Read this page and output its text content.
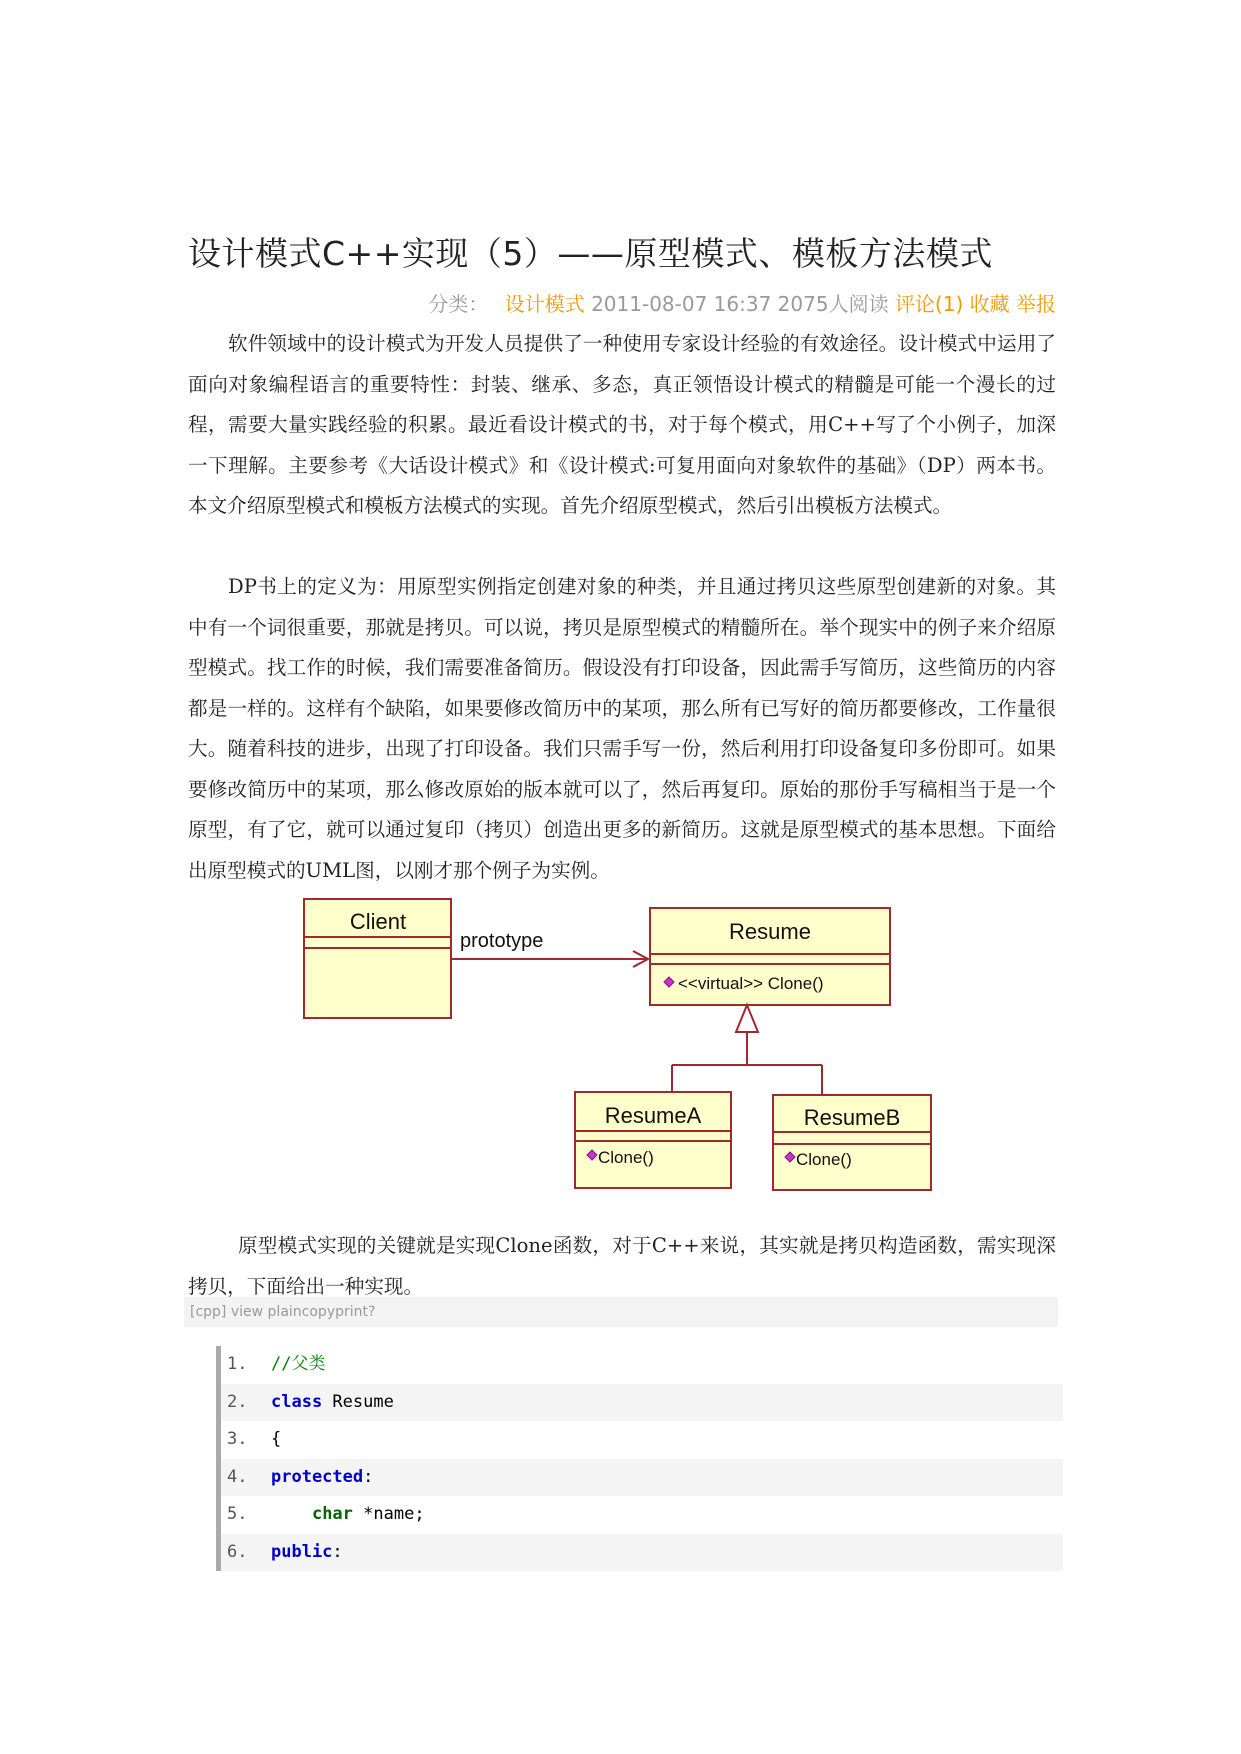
设计模式C++实现（5）——原型模式、模板方法模式
分类： 设计模式 2011-08-07 16:37 2075人阅读 评论(1) 收藏 举报

软件领域中的设计模式为开发人员提供了一种使用专家设计经验的有效途径。设计模式中运用了面向对象编程语言的重要特性：封装、继承、多态，真正领悟设计模式的精髓是可能一个漫长的过程，需要大量实践经验的积累。最近看设计模式的书，对于每个模式，用C++写了个小例子，加深一下理解。主要参考《大话设计模式》和《设计模式:可复用面向对象软件的基础》（DP）两本书。本文介绍原型模式和模板方法模式的实现。首先介绍原型模式，然后引出模板方法模式。

DP书上的定义为：用原型实例指定创建对象的种类，并且通过拷贝这些原型创建新的对象。其中有一个词很重要，那就是拷贝。可以说，拷贝是原型模式的精髓所在。举个现实中的例子来介绍原型模式。找工作的时候，我们需要准备简历。假设没有打印设备，因此需手写简历，这些简历的内容都是一样的。这样有个缺陷，如果要修改简历中的某项，那么所有已写好的简历都要修改，工作量很大。随着科技的进步，出现了打印设备。我们只需手写一份，然后利用打印设备复印多份即可。如果要修改简历中的某项，那么修改原始的版本就可以了，然后再复印。原始的那份手写稿相当于是一个原型，有了它，就可以通过复印（拷贝）创造出更多的新简历。这就是原型模式的基本思想。下面给出原型模式的UML图，以刚才那个例子为实例。

原型模式实现的关键就是实现Clone函数，对于C++来说，其实就是拷贝构造函数，需实现深拷贝，下面给出一种实现。

Client
prototype	Resume
<<virtual>> Clone()
ResumeA
Clone()
ResumeB
Clone()
[cpp] view plaincopyprint?
1. //父类
2. class Resume
3. {
4. protected:
5.	char *name;
6. public:
